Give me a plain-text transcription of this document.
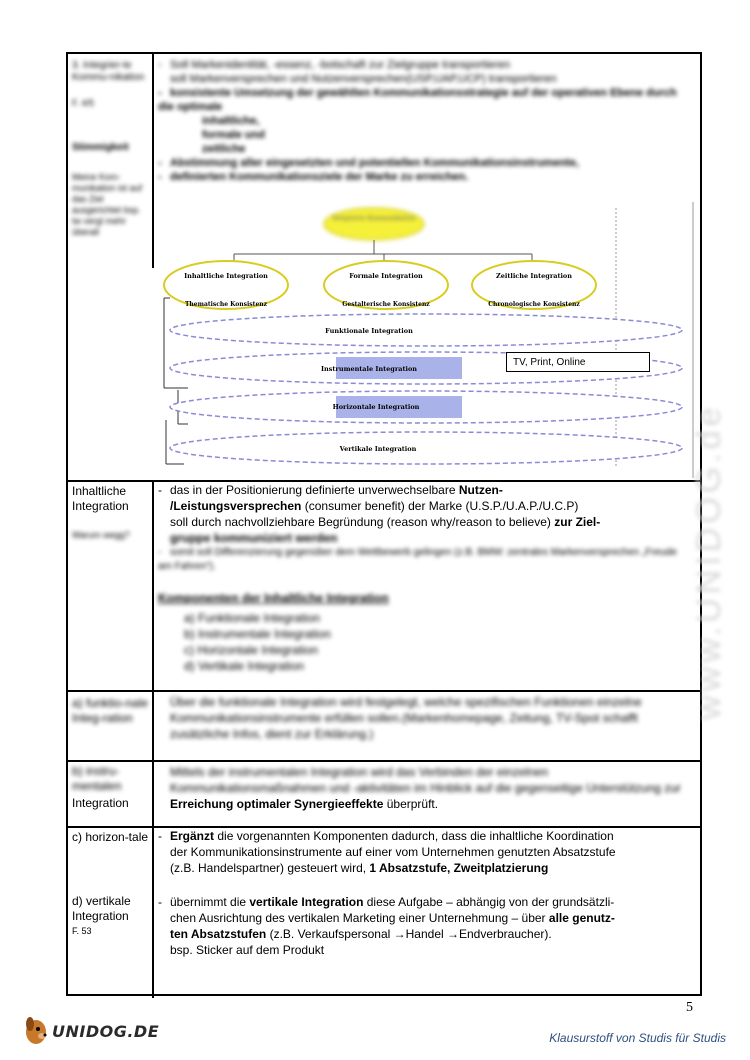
3. Integrier-te Kommu-nikation
F. 4/5
Stimmigkeit
Meine Kom-munikation ist auf das Ziel ausgerichtet bsp. tw vergl mehr überall
- Soll Markenidentität, -essenz, -botschaft zur Zielgruppe transportieren
soll Markenversprechen und Nutzenversprechen(USP,UAP,UCP) transportieren
- konsistente Umsetzung der gewählten Kommunikationsstrategie auf der operativen Ebene durch die optimale
inhaltliche,
formale und
zeitliche
- Abstimmung aller eingesetzten und potentiellen Kommunikationsinstrumente,
- definierten Kommunikationsziele der Marke zu erreichen.
Integrierte Kommunikation
Inhaltliche Integration
Thematische Konsistenz
Formale Integration
Gestalterische Konsistenz
Zeitliche Integration
Chronologische Konsistenz
Funktionale Integration
Instrumentale Integration
Horizontale Integration
Vertikale Integration
Inhaltliche Integration
Warum wegg?
- das in der Positionierung definierte unverwechselbare Nutzen-
/Leistungsversprechen (consumer benefit) der Marke (U.S.P./U.A.P./U.C.P)
soll durch nachvollziehbare Begründung (reason why/reason to believe) zur Ziel-
gruppe kommuniziert werden
- somit soll Differenzierung gegenüber dem Wettbewerb gelingen (z.B. BMW: zentrales Markenversprechen „Freude am Fahren“).
Komponenten der Inhaltliche Integration
a) Funktionale Integration
b) Instrumentale Integration
c) Horizontale Integration
d) Vertikale Integration
a) funktio-nale Integ-ration
Über die funktionale Integration wird festgelegt, welche spezifischen Funktionen einzelne Kommunikationsinstrumente erfüllen sollen.(Markenhomepage, Zeitung, TV-Spot schafft zusätzliche Infos, dient zur Erklärung.)
b) instru-mentalen
Integration
Mittels der instrumentalen Integration wird das Verbinden der einzelnen Kommunikationsmaßnahmen und -aktivitäten im Hinblick auf die gegenseitige Unterstützung zur
Erreichung optimaler Synergieeffekte überprüft.
c) horizon-tale - Ergänzt die vorgenannten Komponenten dadurch, dass die inhaltliche Koordination
der Kommunikationsinstrumente auf einer vom Unternehmen genutzten Absatzstufe
(z.B. Handelspartner) gesteuert wird, 1 Absatzstufe, Zweitplatzierung
d) vertikale Integration
F. 53
- übernimmt die vertikale Integration diese Aufgabe – abhängig von der grundsätzli-
chen Ausrichtung des vertikalen Marketing einer Unternehmung – über alle genutz-
ten Absatzstufen (z.B. Verkaufspersonal →Handel →Endverbraucher).
bsp. Sticker auf dem Produkt
TV, Print, Online
www.UNIDOG.de
5
UNIDOG.DE	Klausurstoff von Studis für Studis
